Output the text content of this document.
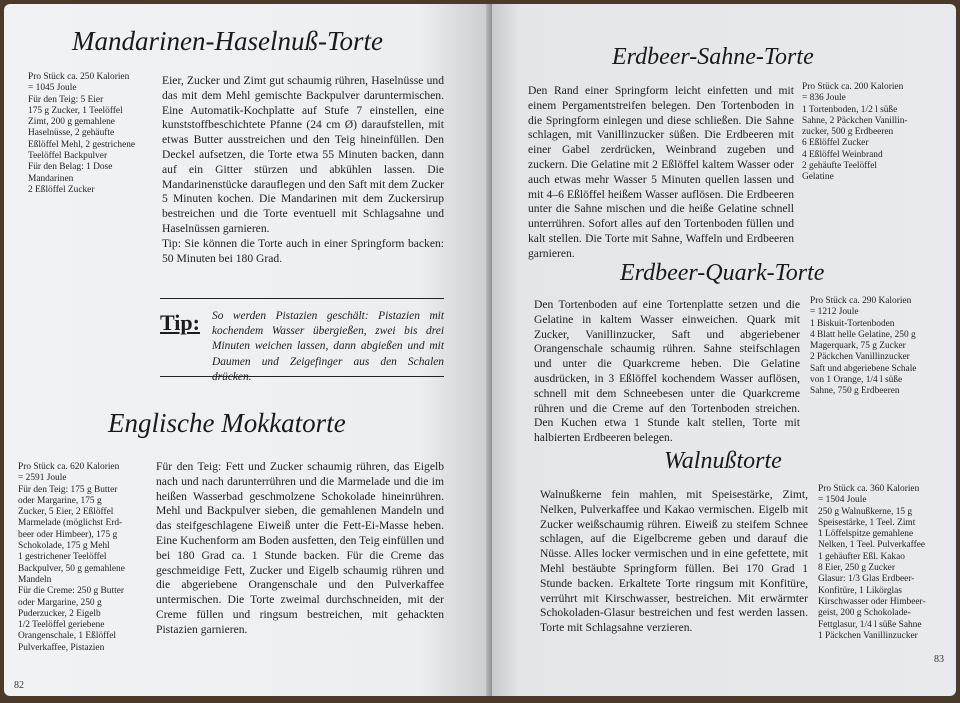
Mandarinen-Haselnuß-Torte
Pro Stück ca. 250 Kalorien
= 1045 Joule
Für den Teig: 5 Eier
175 g Zucker, 1 Teelöffel
Zimt, 200 g gemahlene
Haselnüsse, 2 gehäufte
Eßlöffel Mehl, 2 gestrichene
Teelöffel Backpulver
Für den Belag: 1 Dose
Mandarinen
2 Eßlöffel Zucker

Eier, Zucker und Zimt gut schaumig rühren, Haselnüsse und das mit dem Mehl gemischte Backpulver daruntermischen. Eine Automatik-Kochplatte auf Stufe 7 einstellen, eine kunststoffbeschichtete Pfanne (24 cm Ø) daraufstellen, mit etwas Butter ausstreichen und den Teig hineinfüllen. Den Deckel aufsetzen, die Torte etwa 55 Minuten backen, dann auf ein Gitter stürzen und abkühlen lassen. Die Mandarinenstücke darauflegen und den Saft mit dem Zucker 5 Minuten kochen. Die Mandarinen mit dem Zuckersirup bestreichen und die Torte eventuell mit Schlagsahne und Haselnüssen garnieren.

Tip: Sie können die Torte auch in einer Springform backen: 50 Minuten bei 180 Grad.

Tip: So werden Pistazien geschält: Pistazien mit kochendem Wasser übergießen, zwei bis drei Minuten weichen lassen, dann abgießen und mit Daumen und Zeigefinger aus den Schalen drücken.
Englische Mokkatorte
Pro Stück ca. 620 Kalorien
= 2591 Joule
Für den Teig: 175 g Butter
oder Margarine, 175 g
Zucker, 5 Eier, 2 Eßlöffel
Marmelade (möglichst Erd-
beer oder Himbeer), 175 g
Schokolade, 175 g Mehl
1 gestrichener Teelöffel
Backpulver, 50 g gemahlene
Mandeln
Für die Creme: 250 g Butter
oder Margarine, 250 g
Puderzucker, 2 Eigelb
1/2 Teelöffel geriebene
Orangenschale, 1 Eßlöffel
Pulverkaffee, Pistazien
Für den Teig: Fett und Zucker schaumig rühren, das Eigelb nach und nach darunterrühren und die Marmelade und die im heißen Wasserbad geschmolzene Schokolade hineinrühren. Mehl und Backpulver sieben, die gemahlenen Mandeln und das steifgeschlagene Eiweiß unter die Fett-Ei-Masse heben. Eine Kuchenform am Boden ausfetten, den Teig einfüllen und bei 180 Grad ca. 1 Stunde backen. Für die Creme das geschmeidige Fett, Zucker und Eigelb schaumig rühren und die abgeriebene Orangenschale und den Pulverkaffee untermischen. Die Torte zweimal durchschneiden, mit der Creme füllen und ringsum bestreichen, mit gehackten Pistazien garnieren.
82
Erdbeer-Sahne-Torte
Den Rand einer Springform leicht einfetten und mit einem Pergamentstreifen belegen. Den Tortenboden in die Springform einlegen und diese schließen. Die Sahne schlagen, mit Vanillinzucker süßen. Die Erdbeeren mit einer Gabel zerdrücken, Weinbrand zugeben und zuckern. Die Gelatine mit 2 Eßlöffel kaltem Wasser oder auch etwas mehr Wasser 5 Minuten quellen lassen und mit 4–6 Eßlöffel heißem Wasser auflösen. Die Erdbeeren unter die Sahne mischen und die heiße Gelatine schnell unterrühren. Sofort alles auf den Tortenboden füllen und kalt stellen. Die Torte mit Sahne, Waffeln und Erdbeeren garnieren.
Pro Stück ca. 200 Kalorien
= 836 Joule
1 Tortenboden, 1/2 l süße
Sahne, 2 Päckchen Vanillin-
zucker, 500 g Erdbeeren
6 Eßlöffel Zucker
4 Eßlöffel Weinbrand
2 gehäufte Teelöffel
Gelatine
Erdbeer-Quark-Torte
Den Tortenboden auf eine Tortenplatte setzen und die Gelatine in kaltem Wasser einweichen. Quark mit Zucker, Vanillinzucker, Saft und abgeriebener Orangenschale schaumig rühren. Sahne steifschlagen und unter die Quarkcreme heben. Die Gelatine ausdrücken, in 3 Eßlöffel kochendem Wasser auflösen, schnell mit dem Schneebesen unter die Quarkcreme rühren und die Creme auf den Tortenboden streichen. Den Kuchen etwa 1 Stunde kalt stellen, Torte mit halbierten Erdbeeren belegen.
Pro Stück ca. 290 Kalorien
= 1212 Joule
1 Biskuit-Tortenboden
4 Blatt helle Gelatine, 250 g
Magerquark, 75 g Zucker
2 Päckchen Vanillinzucker
Saft und abgeriebene Schale
von 1 Orange, 1/4 l süße
Sahne, 750 g Erdbeeren
Walnußtorte
Walnußkerne fein mahlen, mit Speisestärke, Zimt, Nelken, Pulverkaffee und Kakao vermischen. Eigelb mit Zucker weißschaumig rühren. Eiweiß zu steifem Schnee schlagen, auf die Eigelbcreme geben und darauf die Nüsse. Alles locker vermischen und in eine gefettete, mit Mehl bestäubte Springform füllen. Bei 170 Grad 1 Stunde backen. Erkaltete Torte ringsum mit Konfitüre, verrührt mit Kirschwasser, bestreichen. Mit erwärmter Schokoladen-Glasur bestreichen und fest werden lassen. Torte mit Schlagsahne verzieren.
Pro Stück ca. 360 Kalorien
= 1504 Joule
250 g Walnußkerne, 15 g
Speisestärke, 1 Teel. Zimt
1 Löffelspitze gemahlene
Nelken, 1 Teel. Pulverkaffee
1 gehäufter Eßl. Kakao
8 Eier, 250 g Zucker
Glasur: 1/3 Glas Erdbeer-
Konfitüre, 1 Likörglas
Kirschwasser oder Himbeer-
geist, 200 g Schokolade-
Fettglasur, 1/4 l süße Sahne
1 Päckchen Vanillinzucker
83
